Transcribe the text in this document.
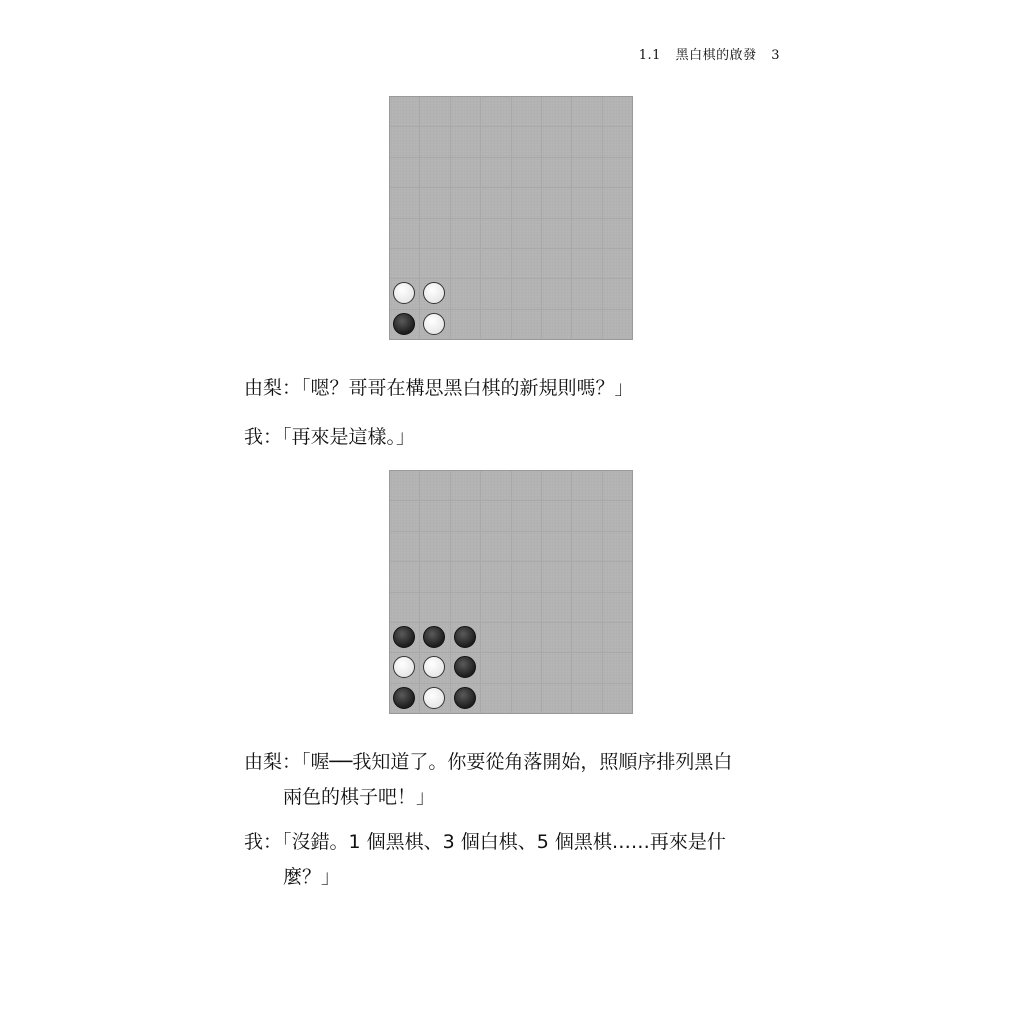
1.1 黑白棋的啟發 3
由梨：「嗯？哥哥在構思黑白棋的新規則嗎？」
我：「再來是這樣。」
由梨：「喔──我知道了。你要從角落開始，照順序排列黑白
兩色的棋子吧！」
我：「沒錯。1 個黑棋、3 個白棋、5 個黑棋……再來是什
麼？」
